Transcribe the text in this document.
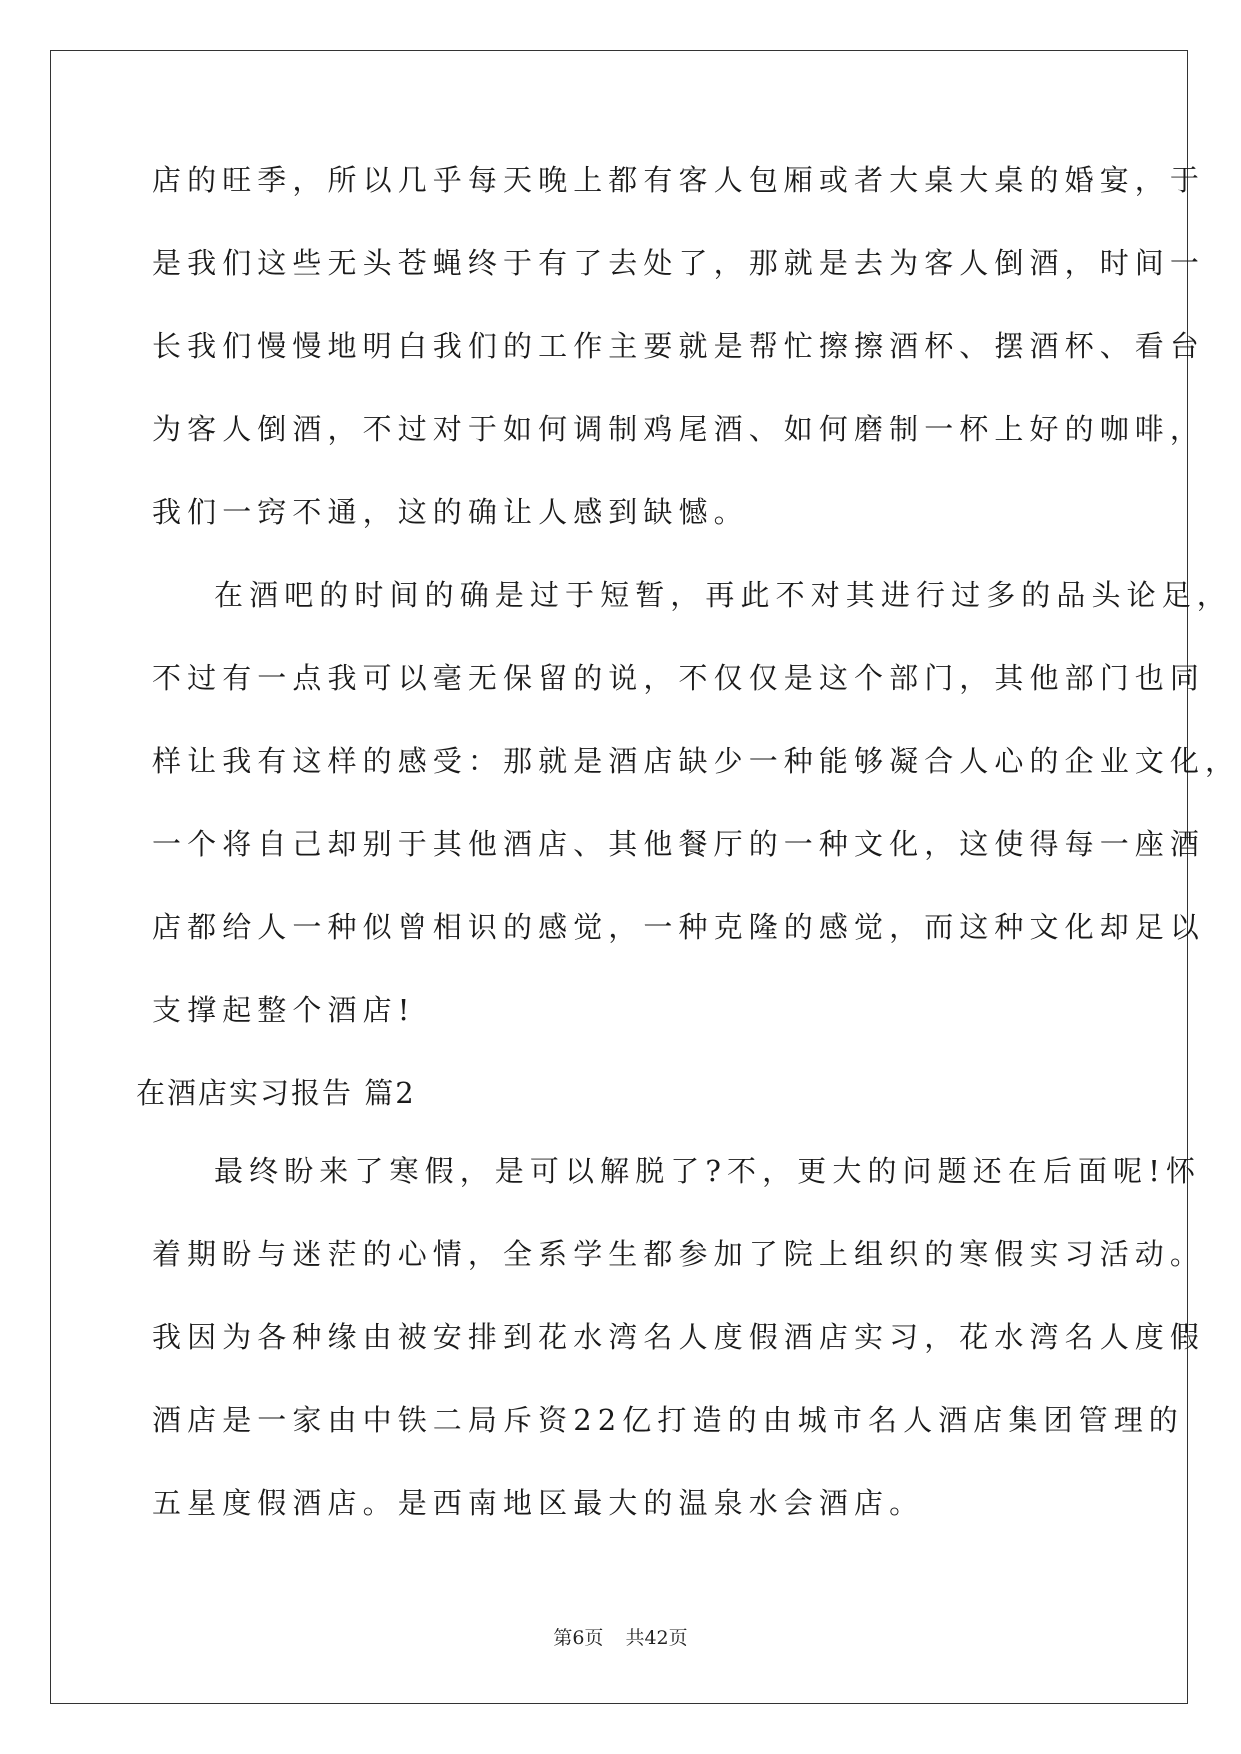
店的旺季，所以几乎每天晚上都有客人包厢或者大桌大桌的婚宴，于
是我们这些无头苍蝇终于有了去处了，那就是去为客人倒酒，时间一
长我们慢慢地明白我们的工作主要就是帮忙擦擦酒杯、摆酒杯、看台
为客人倒酒，不过对于如何调制鸡尾酒、如何磨制一杯上好的咖啡，
我们一窍不通，这的确让人感到缺憾。
在酒吧的时间的确是过于短暂，再此不对其进行过多的品头论足，
不过有一点我可以毫无保留的说，不仅仅是这个部门，其他部门也同
样让我有这样的感受：那就是酒店缺少一种能够凝合人心的企业文化，
一个将自己却别于其他酒店、其他餐厅的一种文化，这使得每一座酒
店都给人一种似曾相识的感觉，一种克隆的感觉，而这种文化却足以
支撑起整个酒店!
在酒店实习报告 篇2
最终盼来了寒假，是可以解脱了?不，更大的问题还在后面呢!怀
着期盼与迷茫的心情，全系学生都参加了院上组织的寒假实习活动。
我因为各种缘由被安排到花水湾名人度假酒店实习，花水湾名人度假
酒店是一家由中铁二局斥资22亿打造的由城市名人酒店集团管理的
五星度假酒店。是西南地区最大的温泉水会酒店。
第6页 共42页
